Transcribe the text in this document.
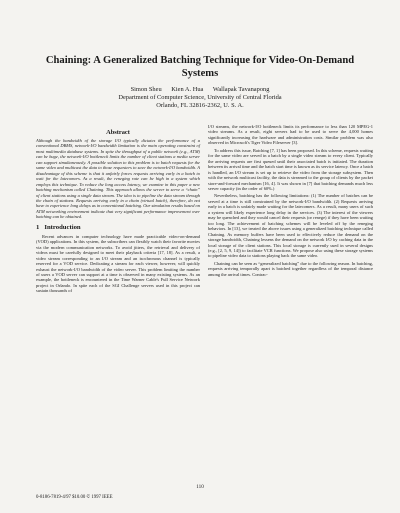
Chaining: A Generalized Batching Technique for Video-On-Demand
Systems
Simon Sheu      Kien A. Hua      Wallapak Tavanapong
Department of Computer Science, University of Central Florida
Orlando, FL 32816-2362, U. S. A.
Abstract

Although the bandwidth of the storage I/O typically dictates the performance of a conventional DBMS, network-I/O bandwidth limitation is the main operating constraint of most multimedia database systems. In spite the throughput of a public network (e.g., ATM) can be huge, the network-I/O bottleneck limits the number of client stations a media server can support simultaneously. A possible solution to this problem is to batch requests for the same video and multicast the data to those requesters to save the network-I/O bandwidth. A disadvantage of this scheme is that it unfairly forces requests arriving early in a batch to wait for the latecomers. As a result, the reneging rate can be high in a system which employs this technique. To reduce the long access latency, we examine in this paper a new batching mechanism called Chaining. This approach allows the server to serve a “chain” of client stations using a single data stream. The idea is to pipeline the data stream through the chain of stations. Requests arriving early in a chain (virtual batch), therefore, do not have to experience long delays as in conventional batching. Our simulation results based on ATM networking environment indicate that very significant performance improvement over batching can be obtained.

1 Introduction

Recent advances in computer technology have made practicable video-on-demand (VOD) applications. In this system, the subscribers can flexibly watch their favorite movies via the modern communication networks. To avoid jitters, the retrieval and delivery of videos must be carefully designed to meet their playback criteria [17, 18]. As a result, a video stream corresponding to an I/O stream and an isochronous channel is typically reserved for a VOD service. Dedicating a stream for each viewer, however, will quickly exhaust the network-I/O bandwidth of the video server. This problem limiting the number of users a VOD server can support at a time is observed in many existing systems. As an example, the bottleneck is encountered in the Time Warner Cable's Full Service Network project in Orlando. In spite each of the SGI Challenge servers used in this project can sustain thousands of

I/O streams, the network-I/O bottleneck limits its performance to less than 120 MPEG-1 video streams. As a result, eight servers had to be used to serve the 4,000 homes significantly increasing the hardware and administration costs. Similar problem was also observed in Microsoft's Tiger Video Fileserver [3].

To address this issue, Batching [7, 1] has been proposed. In this scheme, requests waiting for the same video are served in a batch by a single video stream to every client. Typically the arriving requests are first queued until their associated batch is initiated. The duration between its arrival time and the batch start time is known as its service latency. Once a batch is handled, an I/O stream is set up to retrieve the video from the storage subsystem. Then with the network multicast facility, the data is streamed to the group of clients by the packet store-and-forward mechanism [16, 4]. It was shown in [7] that batching demands much less server capacity (in the order of 60%.)

Nevertheless, batching has the following limitations: (1) The number of batches can be served at a time is still constrained by the network-I/O bandwidth. (2) Requests arriving early in a batch is unfairly made waiting for the latecomers. As a result, many users of such a system will likely experience long delay in the services. (3) The interest of the viewers may be quenched and they would cancel their requests (or renege) if they have been waiting too long. The achievement of batching schemes will be leveled off by the reneging behaviors. In [13], we treated the above issues using a generalized batching technique called Chaining. As memory buffers have been used to effectively reduce the demand on the storage bandwidth, Chaining lessens the demand on the network I/O by caching data in the local storage of the client stations. This local storage is currently used in several designs (e.g., [2, 5, 9, 14]) to facilitate VCR functions. We propose also using these storage systems to pipeline video data to stations playing back the same video.

Chaining can be seen as “generalized batching” due to the following reason. In batching, requests arriving temporally apart is batched together regardless of the temporal distance among the arrival times. Contrac-

110
0-8186-7819-4/97 $10.00 © 1997 IEEE
